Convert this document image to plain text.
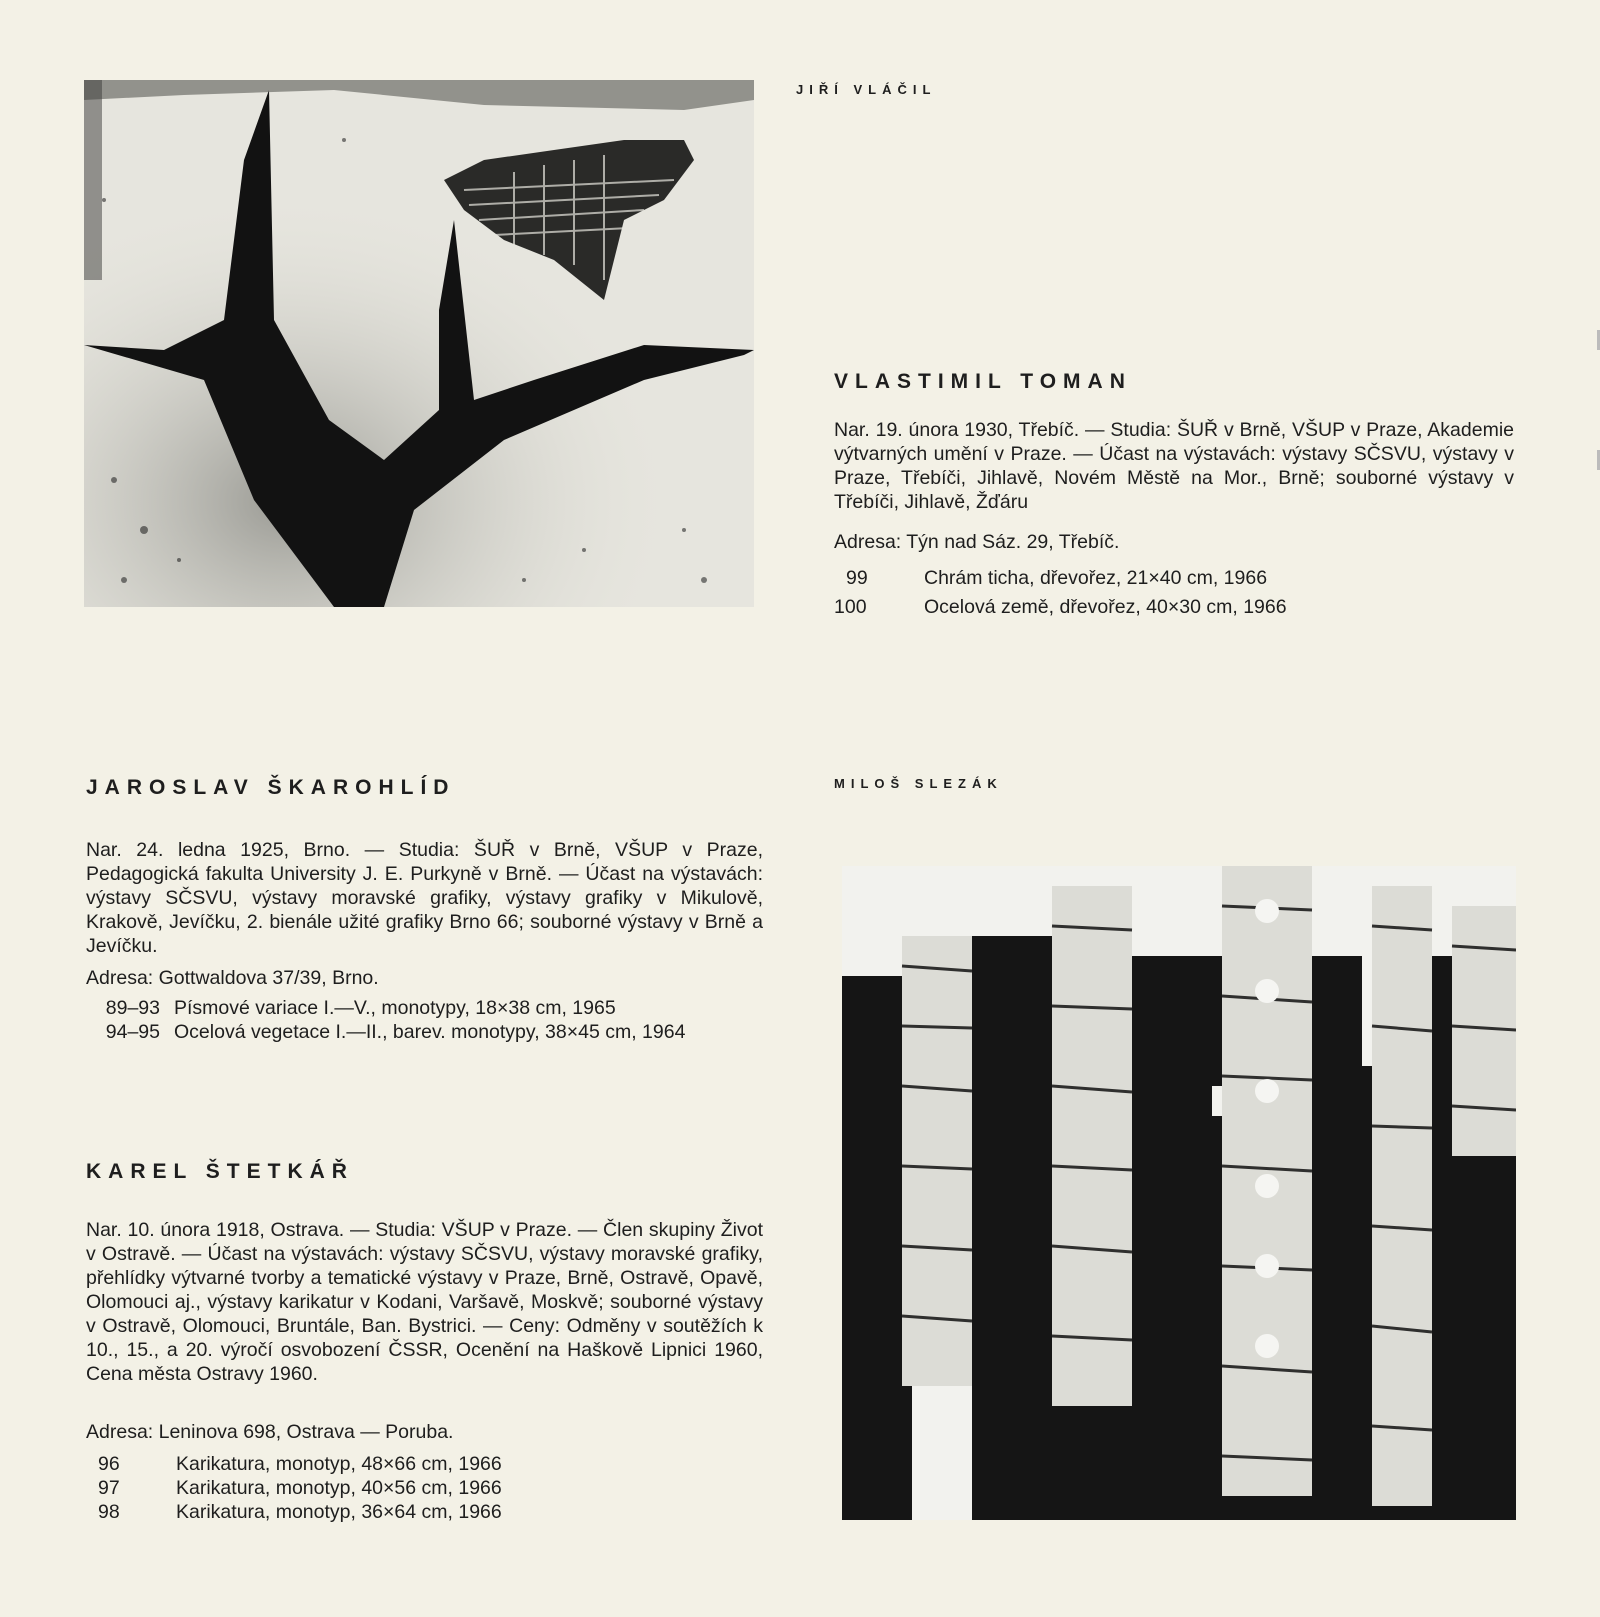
JIŘÍ VLÁČIL
VLASTIMIL TOMAN
Nar. 19. února 1930, Třebíč. — Studia: ŠUŘ v Brně, VŠUP v Praze, Akademie výtvarných umění v Praze. — Účast na výstavách: výstavy SČSVU, výstavy v Praze, Třebíči, Jihlavě, Novém Městě na Mor., Brně; souborné výstavy v Třebíči, Jihlavě, Žďáru
Adresa: Týn nad Sáz. 29, Třebíč.
99	Chrám ticha, dřevořez, 21×40 cm, 1966
100	Ocelová země, dřevořez, 40×30 cm, 1966
JAROSLAV ŠKAROHLÍD
Nar. 24. ledna 1925, Brno. — Studia: ŠUŘ v Brně, VŠUP v Praze, Pedagogická fakulta University J. E. Purkyně v Brně. — Účast na výstavách: výstavy SČSVU, výstavy moravské grafiky, výstavy grafiky v Mikulově, Krakově, Jevíčku, 2. bienále užité grafiky Brno 66; souborné výstavy v Brně a Jevíčku.
Adresa: Gottwaldova 37/39, Brno.
89–93 Písmové variace I.—V., monotypy, 18×38 cm, 1965
94–95 Ocelová vegetace I.—II., barev. monotypy, 38×45 cm, 1964
KAREL ŠTETKÁŘ
Nar. 10. února 1918, Ostrava. — Studia: VŠUP v Praze. — Člen skupiny Život v Ostravě. — Účast na výstavách: výstavy SČSVU, výstavy moravské grafiky, přehlídky výtvarné tvorby a tematické výstavy v Praze, Brně, Ostravě, Opavě, Olomouci aj., výstavy karikatur v Kodani, Varšavě, Moskvě; souborné výstavy v Ostravě, Olomouci, Bruntále, Ban. Bystrici. — Ceny: Odměny v soutěžích k 10., 15., a 20. výročí osvobození ČSSR, Ocenění na Haškově Lipnici 1960, Cena města Ostravy 1960.
Adresa: Leninova 698, Ostrava — Poruba.
96	Karikatura, monotyp, 48×66 cm, 1966
97	Karikatura, monotyp, 40×56 cm, 1966
98	Karikatura, monotyp, 36×64 cm, 1966
MILOŠ SLEZÁK
